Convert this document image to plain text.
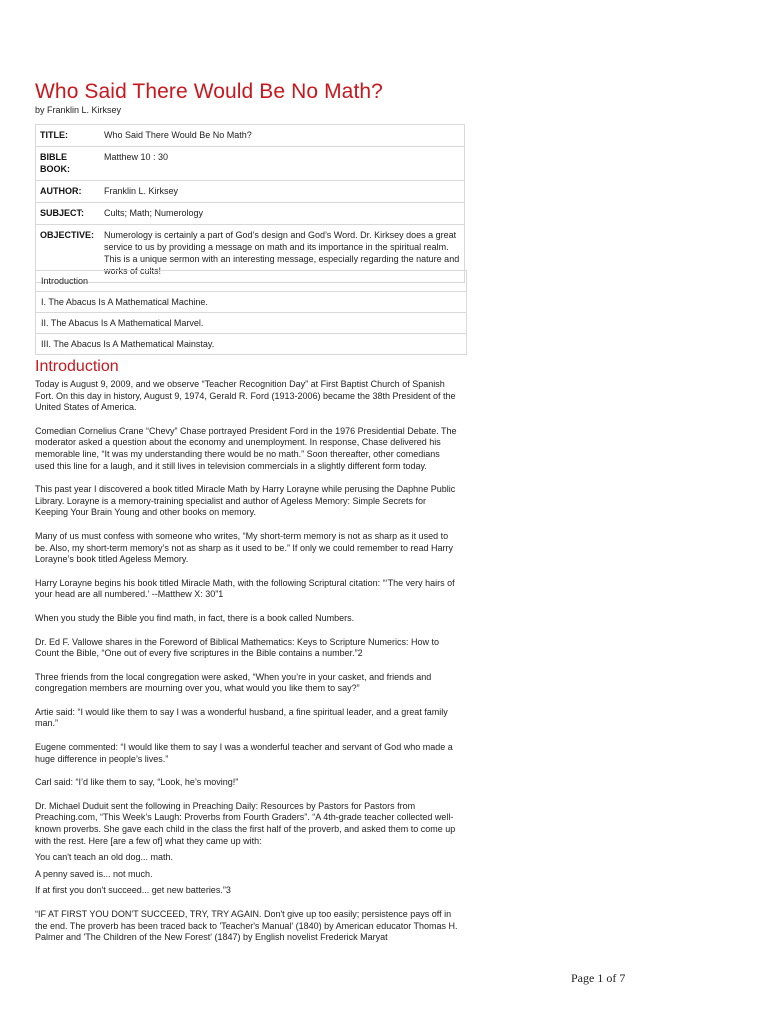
Who Said There Would Be No Math?
by Franklin L. Kirksey
TITLE:	Who Said There Would Be No Math?
BIBLE BOOK:	Matthew 10 : 30
AUTHOR:	Franklin L. Kirksey
SUBJECT:	Cults; Math; Numerology
OBJECTIVE:	Numerology is certainly a part of God’s design and God’s Word. Dr. Kirksey does a great service to us by providing a message on math and its importance in the spiritual realm. This is a unique sermon with an interesting message, especially regarding the nature and works of cults!
Introduction
I. The Abacus Is A Mathematical Machine.
II. The Abacus Is A Mathematical Marvel.
III. The Abacus Is A Mathematical Mainstay.
Introduction

Today is August 9, 2009, and we observe “Teacher Recognition Day” at First Baptist Church of Spanish Fort. On this day in history, August 9, 1974, Gerald R. Ford (1913-2006) became the 38th President of the United States of America.

Comedian Cornelius Crane “Chevy” Chase portrayed President Ford in the 1976 Presidential Debate. The moderator asked a question about the economy and unemployment. In response, Chase delivered his memorable line, “It was my understanding there would be no math.” Soon thereafter, other comedians used this line for a laugh, and it still lives in television commercials in a slightly different form today.

This past year I discovered a book titled Miracle Math by Harry Lorayne while perusing the Daphne Public Library. Lorayne is a memory-training specialist and author of Ageless Memory: Simple Secrets for Keeping Your Brain Young and other books on memory.

Many of us must confess with someone who writes, “My short-term memory is not as sharp as it used to be. Also, my short-term memory’s not as sharp as it used to be.” If only we could remember to read Harry Lorayne’s book titled Ageless Memory.

Harry Lorayne begins his book titled Miracle Math, with the following Scriptural citation: “‘The very hairs of your head are all numbered.’ --Matthew X: 30”1

When you study the Bible you find math, in fact, there is a book called Numbers.

Dr. Ed F. Vallowe shares in the Foreword of Biblical Mathematics: Keys to Scripture Numerics: How to Count the Bible, “One out of every five scriptures in the Bible contains a number.”2

Three friends from the local congregation were asked, “When you’re in your casket, and friends and congregation members are mourning over you, what would you like them to say?”

Artie said: “I would like them to say I was a wonderful husband, a fine spiritual leader, and a great family man.”

Eugene commented: “I would like them to say I was a wonderful teacher and servant of God who made a huge difference in people’s lives.”

Carl said: “I’d like them to say, “Look, he’s moving!”

Dr. Michael Duduit sent the following in Preaching Daily: Resources by Pastors for Pastors from Preaching.com, “This Week’s Laugh: Proverbs from Fourth Graders”. “A 4th-grade teacher collected well-known proverbs. She gave each child in the class the first half of the proverb, and asked them to come up with the rest. Here [are a few of] what they came up with:

You can't teach an old dog... math.

A penny saved is... not much.

If at first you don't succeed... get new batteries.”3

“IF AT FIRST YOU DON'T SUCCEED, TRY, TRY AGAIN. Don't give up too easily; persistence pays off in the end. The proverb has been traced back to 'Teacher's Manual' (1840) by American educator Thomas H. Palmer and 'The Children of the New Forest' (1847) by English novelist Frederick Maryat

Page 1 of 7
